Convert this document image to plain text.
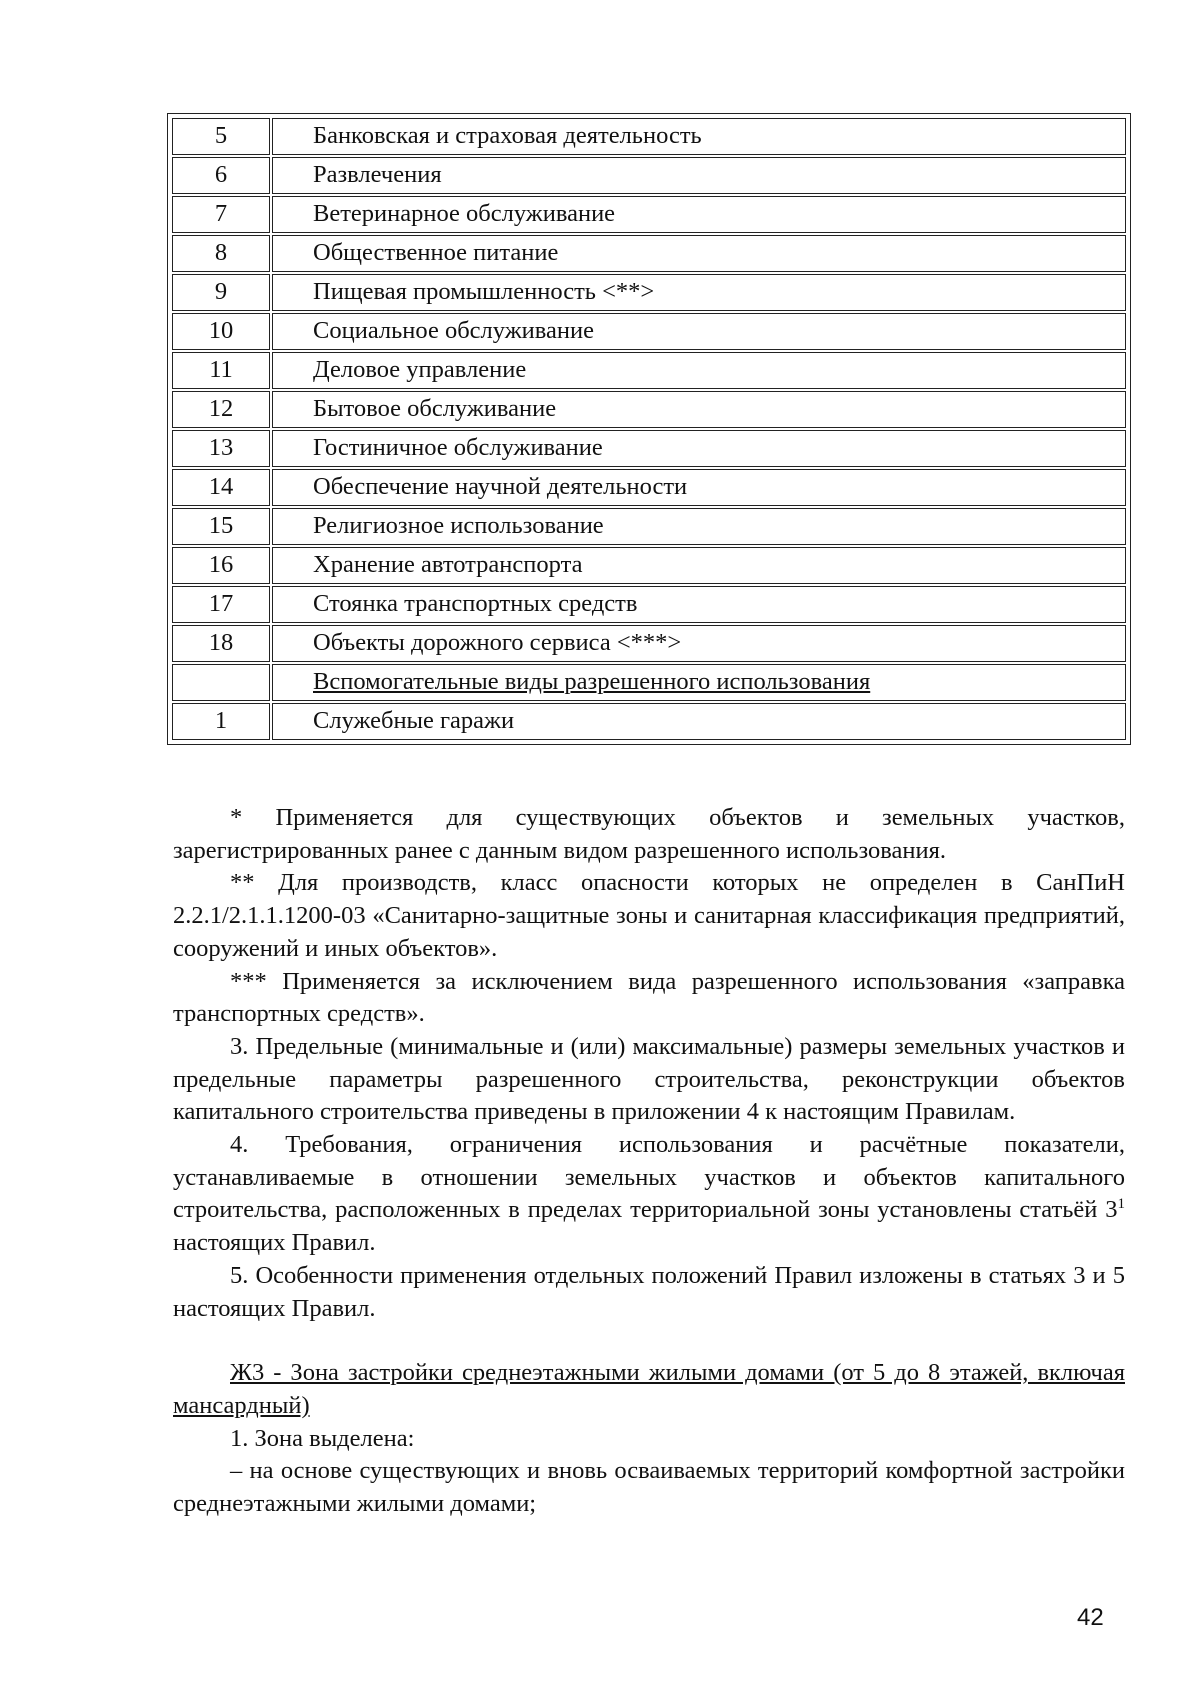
5	Банковская и страховая деятельность
6	Развлечения
7	Ветеринарное обслуживание
8	Общественное питание
9	Пищевая промышленность <**>
10	Социальное обслуживание
11	Деловое управление
12	Бытовое обслуживание
13	Гостиничное обслуживание
14	Обеспечение научной деятельности
15	Религиозное использование
16	Хранение автотранспорта
17	Стоянка транспортных средств
18	Объекты дорожного сервиса <***>
	Вспомогательные виды разрешенного использования
1	Служебные гаражи

* Применяется для существующих объектов и земельных участков, зарегистрированных ранее с данным видом разрешенного использования.

** Для производств, класс опасности которых не определен в СанПиН 2.2.1/2.1.1.1200-03 «Санитарно-защитные зоны и санитарная классификация предприятий, сооружений и иных объектов».

*** Применяется за исключением вида разрешенного использования «заправка транспортных средств».

3. Предельные (минимальные и (или) максимальные) размеры земельных участков и предельные параметры разрешенного строительства, реконструкции объектов капитального строительства приведены в приложении 4 к настоящим Правилам.

4. Требования, ограничения использования и расчётные показатели, устанавливаемые в отношении земельных участков и объектов капитального строительства, расположенных в пределах территориальной зоны установлены статьёй $3^1$ настоящих Правил.

5. Особенности применения отдельных положений Правил изложены в статьях 3 и 5 настоящих Правил.

Ж3 - Зона застройки среднеэтажными жилыми домами (от 5 до 8 этажей, включая мансардный)

1. Зона выделена:

– на основе существующих и вновь осваиваемых территорий комфортной застройки среднеэтажными жилыми домами;

42
